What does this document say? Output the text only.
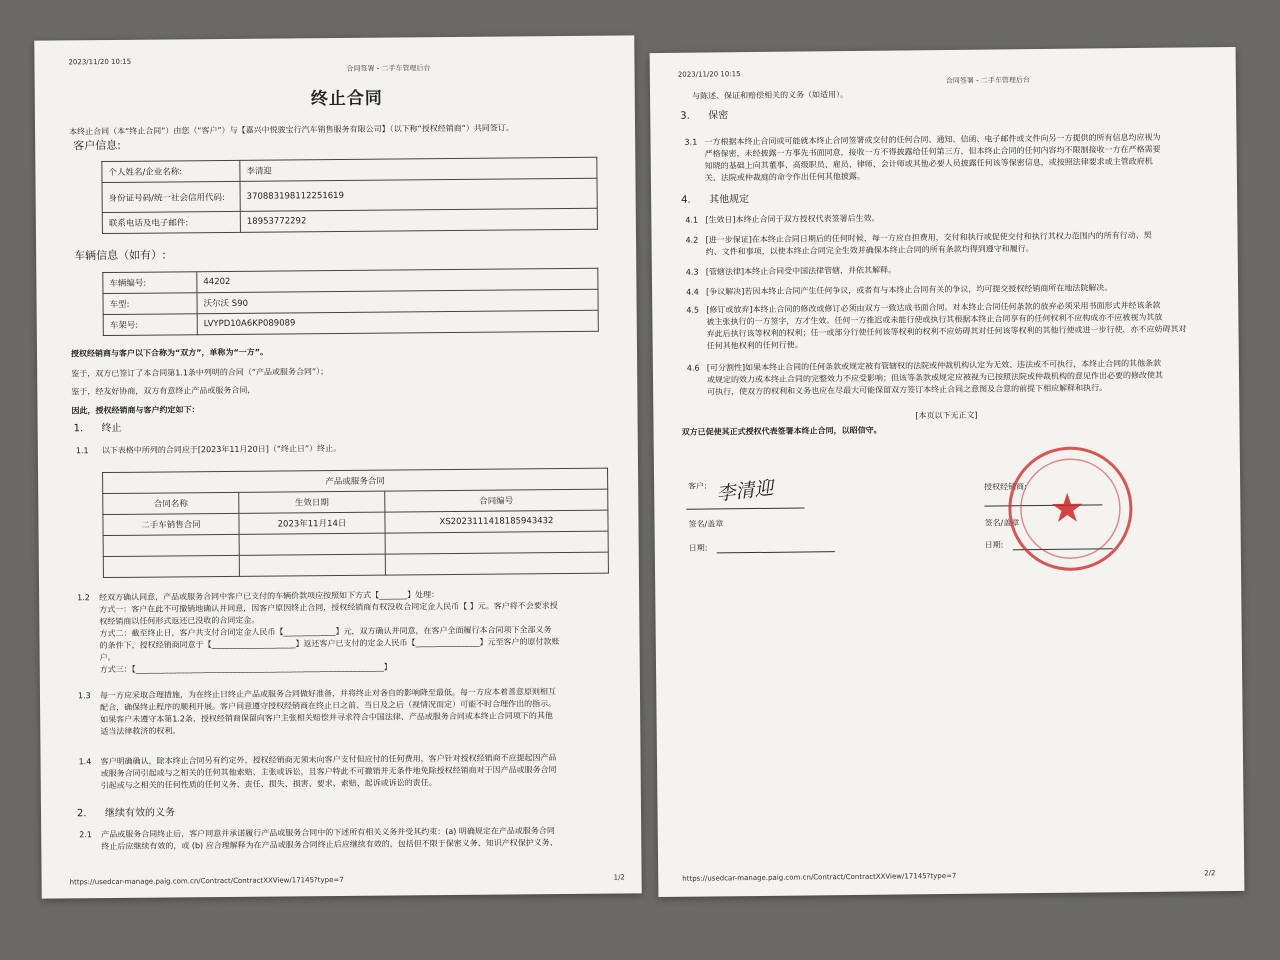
2023/11/20 10:15
合同签署 - 二手车管理后台
终止合同
本终止合同（本“终止合同”）由您（“客户”）与【嘉兴中悦骏宝行汽车销售服务有限公司】（以下称“授权经销商”）共同签订。
客户信息:
个人姓名/企业名称:	李清迎
身份证号码/统一社会信用代码:	370883198112251619
联系电话及电子邮件:	18953772292
车辆信息（如有）:
车辆编号:	44202
车型:	沃尔沃 S90
车架号:	LVYPD10A6KP089089
授权经销商与客户以下合称为“双方”，单称为“一方”。
鉴于，双方已签订了本合同第1.1条中列明的合同（“产品或服务合同”）；
鉴于，经友好协商，双方有意终止产品或服务合同，
因此，授权经销商与客户约定如下：
1. 终止
1.1 以下表格中所列的合同应于[2023年11月20日]（“终止日”）终止。
产品或服务合同		
合同名称	生效日期	合同编号
二手车销售合同	2023年11月14日	XS2023111418185943432

1.2 经双方确认同意，产品或服务合同中客户已支付的车辆价款项应按照如下方式【_______】处理：
方式一：客户在此不可撤销地确认并同意，因客户原因终止合同，授权经销商有权没收合同定金人民币【 】元。客户将不会要求授
权经销商以任何形式返还已没收的合同定金。
方式二：截至终止日，客户共支付合同定金人民币【_____________】元，双方确认并同意，在客户全面履行本合同项下全部义务
的条件下，授权经销商同意于【_____________________】返还客户已支付的定金人民币【________________】元至客户的原付款账
户。
方式三：【______________________________________________________________】
1.3 每一方应采取合理措施，为在终止日终止产品或服务合同做好准备，并将终止对各自的影响降至最低。每一方应本着善意原则相互
配合，确保终止程序的顺利开展。客户同意遵守授权经销商在终止日之前、当日及之后（视情况而定）可能不时合理作出的指示。
如果客户未遵守本第1.2条，授权经销商保留向客户主张相关赔偿并寻求符合中国法律、产品或服务合同或本终止合同项下的其他
适当法律救济的权利。
1.4 客户明确确认，除本终止合同另有约定外，授权经销商无须未向客户支付但应付的任何费用，客户针对授权经销商不应提起因产品
或服务合同引起或与之相关的任何其他索赔、主张或诉讼，且客户特此不可撤销并无条件地免除授权经销商对于因产品或服务合同
引起或与之相关的任何性质的任何义务、责任、损失、损害、要求、索赔、起诉或诉讼的责任。
2. 继续有效的义务
2.1 产品或服务合同终止后，客户同意并承诺履行产品或服务合同中的下述所有相关义务并受其约束：(a) 明确规定在产品或服务合同
终止后应继续有效的，或 (b) 应合理解释为在产品或服务合同终止后应继续有效的，包括但不限于保密义务、知识产权保护义务、
https://usedcar-manage.paig.com.cn/Contract/ContractXXView/17145?type=7	1/2
2023/11/20 10:15
合同签署 - 二手车管理后台
与陈述、保证和赔偿相关的义务（如适用）。
3. 保密
3.1 一方根据本终止合同或可能就本终止合同签署或交付的任何合同、通知、信函、电子邮件或文件向另一方提供的所有信息均应视为
严格保密，未经披露一方事先书面同意，接收一方不得披露给任何第三方，但本终止合同的任何内容均不限制接收一方在严格需要
知晓的基础上向其董事、高级职员、雇员、律师、会计师或其他必要人员披露任何该等保密信息，或按照法律要求或主管政府机
关、法院或仲裁庭的命令作出任何其他披露。
4. 其他规定
4.1 [生效日]本终止合同于双方授权代表签署后生效。
4.2 [进一步保证]在本终止合同日期后的任何时候，每一方应自担费用，交付和执行或促使交付和执行其权力范围内的所有行动、契
约、文件和事项，以使本终止合同完全生效并确保本终止合同的所有条款均得到遵守和履行。
4.3 [管辖法律]本终止合同受中国法律管辖，并依其解释。
4.4 [争议解决]若因本终止合同产生任何争议，或者有与本终止合同有关的争议，均可提交授权经销商所在地法院解决。
4.5 [修订或放弃]本终止合同的修改或修订必须由双方一致达成书面合同。对本终止合同任何条款的放弃必须采用书面形式并经该条款
被主张执行的一方签字，方才生效。任何一方推迟或未能行使或执行其根据本终止合同享有的任何权利不应构成亦不应被视为其放
弃此后执行该等权利的权利；任一或部分行使任何该等权利的权利不应妨碍其对任何该等权利的其他行使或进一步行使，亦不应妨碍其对
任何其他权利的任何行使。
4.6 [可分割性]如果本终止合同的任何条款或规定被有管辖权的法院或仲裁机构认定为无效、违法或不可执行，本终止合同的其他条款
或规定的效力或本终止合同的完整效力不应受影响；但该等条款或规定应被视为已按照法院或仲裁机构的意见作出必要的修改使其
可执行，使双方的权利和义务也应在尽最大可能保留双方签订本终止合同之意图及合意的前提下相应解释和执行。
[本页以下无正文]
双方已促使其正式授权代表签署本终止合同，以昭信守。
客户: 李清迎
签名/盖章
日期:
授权经销商:
签名/盖章
日期:
★
https://usedcar-manage.paig.com.cn/Contract/ContractXXView/17145?type=7	2/2
